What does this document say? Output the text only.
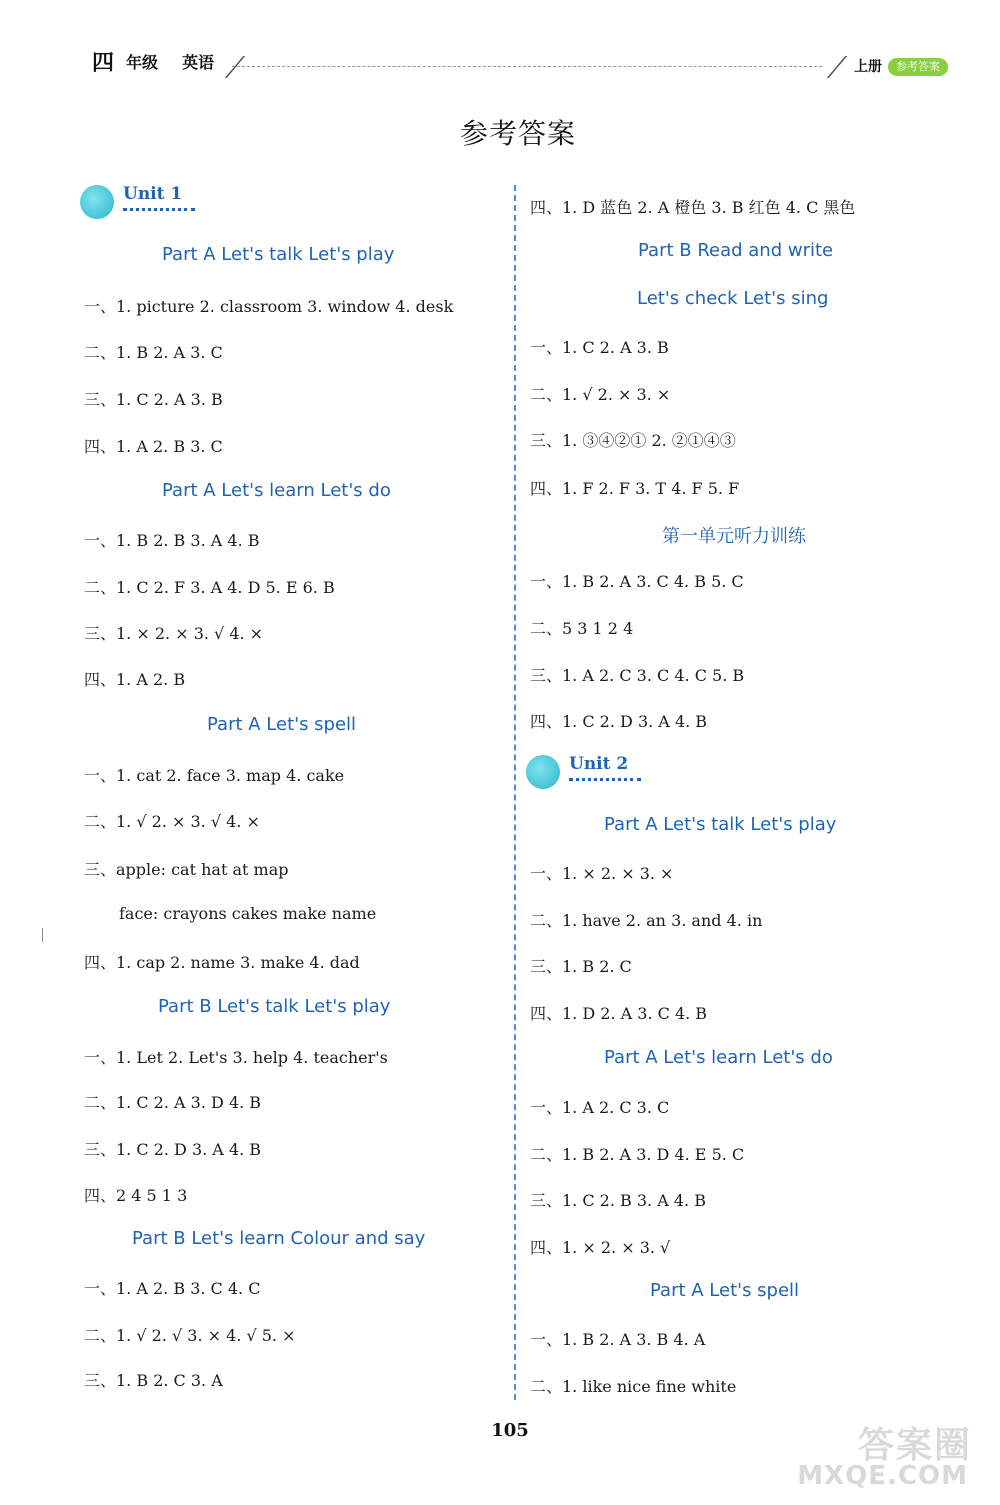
四 年级 英语	上册	参考答案
参考答案
Unit 1
Part A Let's talk Let's play
一、1. picture 2. classroom 3. window 4. desk
二、1. B 2. A 3. C
三、1. C 2. A 3. B
四、1. A 2. B 3. C
Part A Let's learn Let's do
一、1. B 2. B 3. A 4. B
二、1. C 2. F 3. A 4. D 5. E 6. B
三、1. × 2. × 3. √ 4. ×
四、1. A 2. B
Part A Let's spell
一、1. cat 2. face 3. map 4. cake
二、1. √ 2. × 3. √ 4. ×
三、apple: cat hat at map
face: crayons cakes make name
四、1. cap 2. name 3. make 4. dad
Part B Let's talk Let's play
一、1. Let 2. Let's 3. help 4. teacher's
二、1. C 2. A 3. D 4. B
三、1. C 2. D 3. A 4. B
四、2 4 5 1 3
Part B Let's learn Colour and say
一、1. A 2. B 3. C 4. C
二、1. √ 2. √ 3. × 4. √ 5. ×
三、1. B 2. C 3. A
四、1. D 蓝色 2. A 橙色 3. B 红色 4. C 黑色
Part B Read and write
Let's check Let's sing
一、1. C 2. A 3. B
二、1. √ 2. × 3. ×
三、1. ③④②① 2. ②①④③
四、1. F 2. F 3. T 4. F 5. F
第一单元听力训练
一、1. B 2. A 3. C 4. B 5. C
二、5 3 1 2 4
三、1. A 2. C 3. C 4. C 5. B
四、1. C 2. D 3. A 4. B
Unit 2
Part A Let's talk Let's play
一、1. × 2. × 3. ×
二、1. have 2. an 3. and 4. in
三、1. B 2. C
四、1. D 2. A 3. C 4. B
Part A Let's learn Let's do
一、1. A 2. C 3. C
二、1. B 2. A 3. D 4. E 5. C
三、1. C 2. B 3. A 4. B
四、1. × 2. × 3. √
Part A Let's spell
一、1. B 2. A 3. B 4. A
二、1. like nice fine white
105	答案圈
MXQE.COM
